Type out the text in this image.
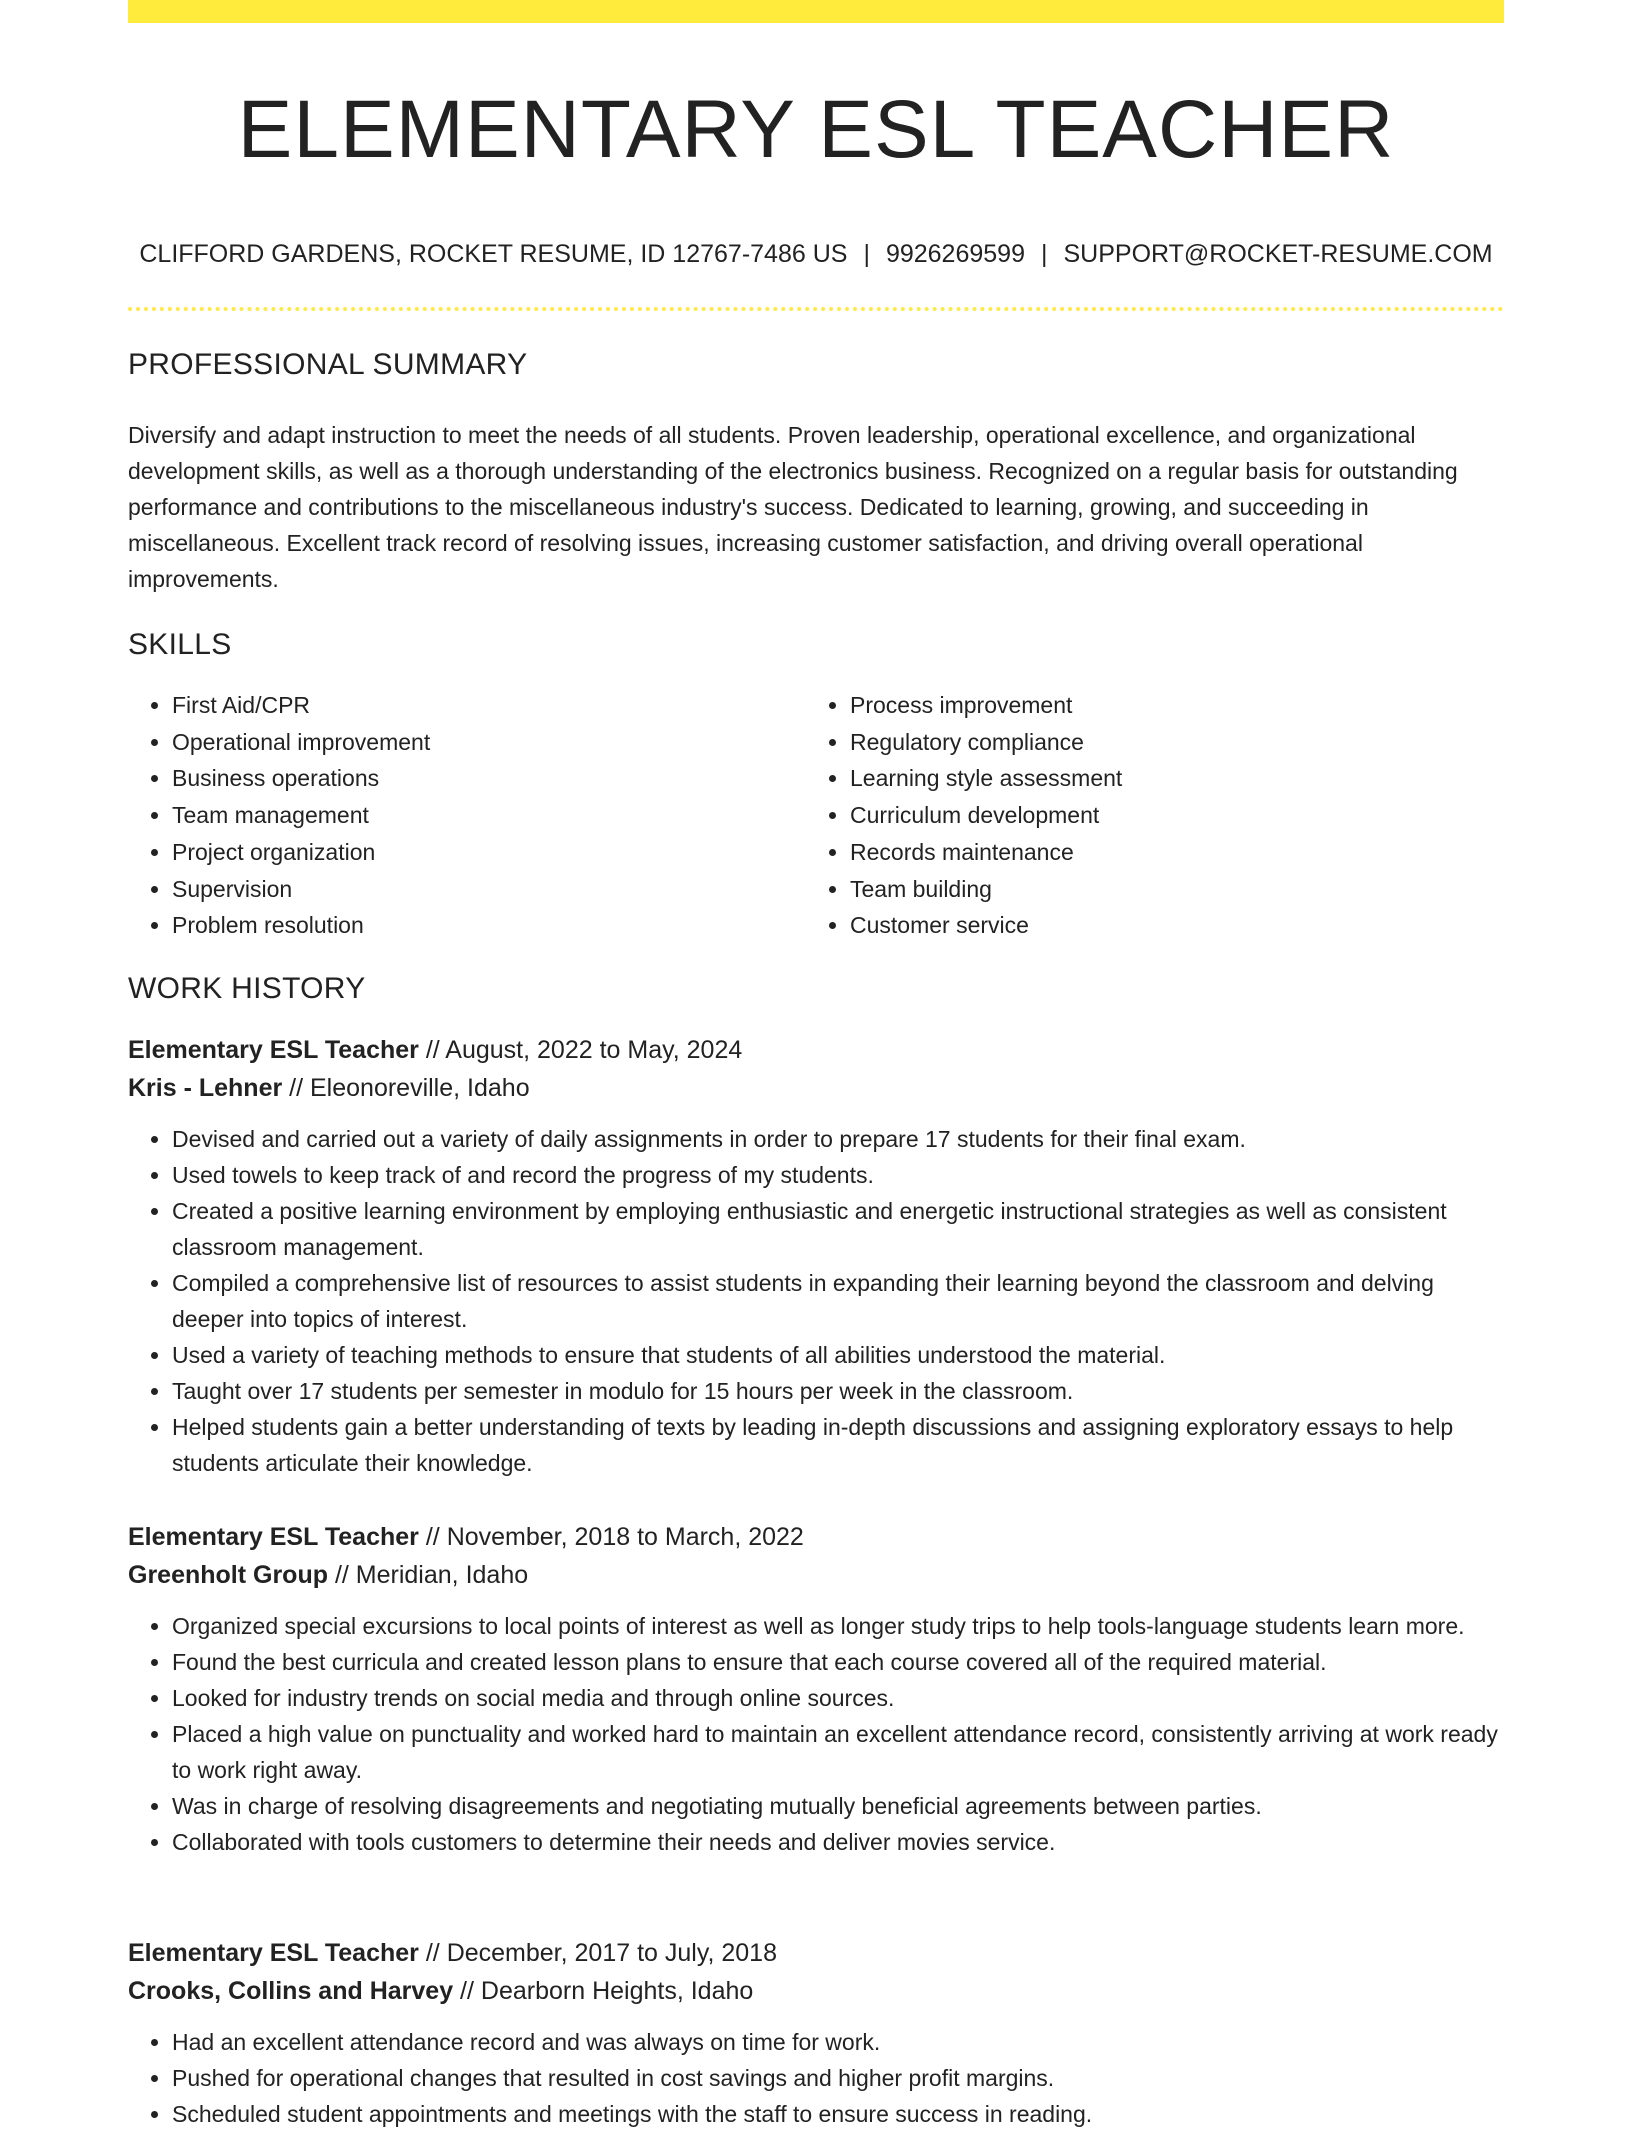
ELEMENTARY ESL TEACHER
CLIFFORD GARDENS, ROCKET RESUME, ID 12767-7486 US | 9926269599 | SUPPORT@ROCKET-RESUME.COM
PROFESSIONAL SUMMARY

Diversify and adapt instruction to meet the needs of all students. Proven leadership, operational excellence, and organizational development skills, as well as a thorough understanding of the electronics business. Recognized on a regular basis for outstanding performance and contributions to the miscellaneous industry's success. Dedicated to learning, growing, and succeeding in miscellaneous. Excellent track record of resolving issues, increasing customer satisfaction, and driving overall operational improvements.

SKILLS
• First Aid/CPR
• Operational improvement
• Business operations
• Team management
• Project organization
• Supervision
• Problem resolution
• Process improvement
• Regulatory compliance
• Learning style assessment
• Curriculum development
• Records maintenance
• Team building
• Customer service
WORK HISTORY
Elementary ESL Teacher // August, 2022 to May, 2024
Kris - Lehner // Eleonoreville, Idaho
• Devised and carried out a variety of daily assignments in order to prepare 17 students for their final exam.
• Used towels to keep track of and record the progress of my students.
• Created a positive learning environment by employing enthusiastic and energetic instructional strategies as well as consistent classroom management.
• Compiled a comprehensive list of resources to assist students in expanding their learning beyond the classroom and delving deeper into topics of interest.
• Used a variety of teaching methods to ensure that students of all abilities understood the material.
• Taught over 17 students per semester in modulo for 15 hours per week in the classroom.
• Helped students gain a better understanding of texts by leading in-depth discussions and assigning exploratory essays to help students articulate their knowledge.
Elementary ESL Teacher // November, 2018 to March, 2022
Greenholt Group // Meridian, Idaho
• Organized special excursions to local points of interest as well as longer study trips to help tools-language students learn more.
• Found the best curricula and created lesson plans to ensure that each course covered all of the required material.
• Looked for industry trends on social media and through online sources.
• Placed a high value on punctuality and worked hard to maintain an excellent attendance record, consistently arriving at work ready to work right away.
• Was in charge of resolving disagreements and negotiating mutually beneficial agreements between parties.
• Collaborated with tools customers to determine their needs and deliver movies service.
Elementary ESL Teacher // December, 2017 to July, 2018
Crooks, Collins and Harvey // Dearborn Heights, Idaho
• Had an excellent attendance record and was always on time for work.
• Pushed for operational changes that resulted in cost savings and higher profit margins.
• Scheduled student appointments and meetings with the staff to ensure success in reading.
